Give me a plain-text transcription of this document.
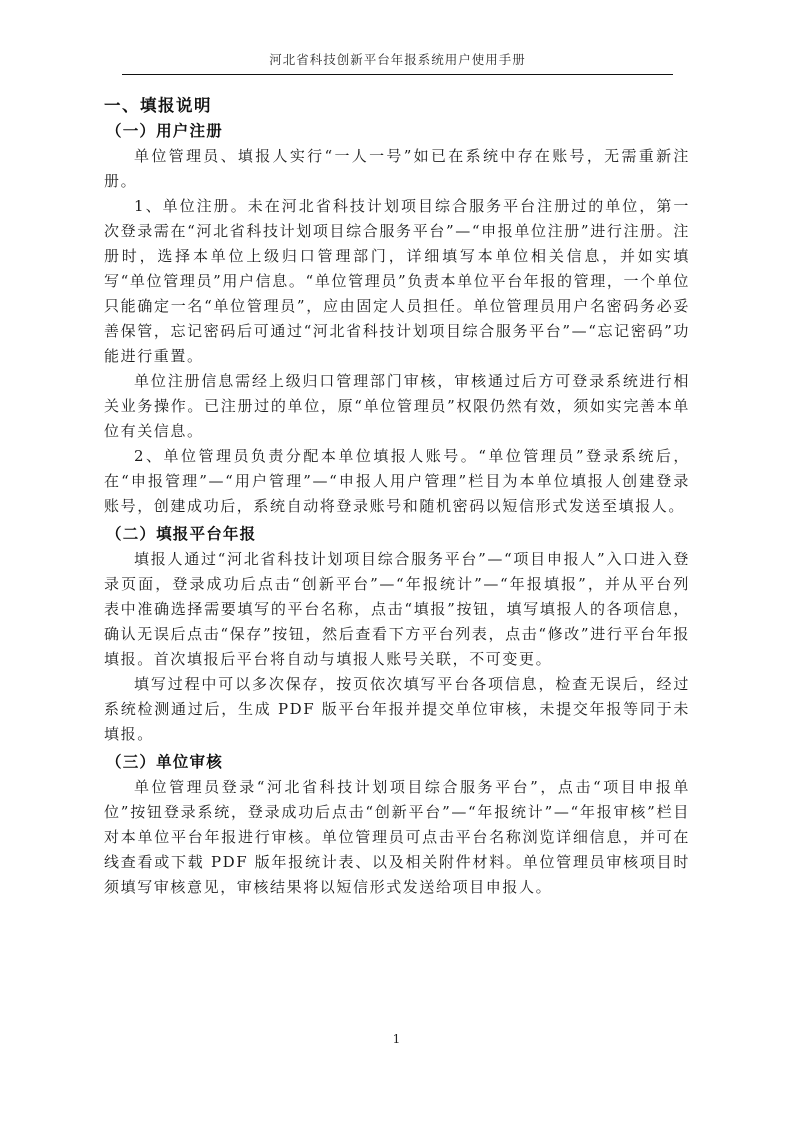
河北省科技创新平台年报系统用户使用手册
一、填报说明
（一）用户注册

单位管理员、填报人实行“一人一号”如已在系统中存在账号，无需重新注册。

1、单位注册。未在河北省科技计划项目综合服务平台注册过的单位，第一次登录需在“河北省科技计划项目综合服务平台”—“申报单位注册”进行注册。注册时，选择本单位上级归口管理部门，详细填写本单位相关信息，并如实填写“单位管理员”用户信息。“单位管理员”负责本单位平台年报的管理，一个单位只能确定一名“单位管理员”，应由固定人员担任。单位管理员用户名密码务必妥善保管，忘记密码后可通过“河北省科技计划项目综合服务平台”—“忘记密码”功能进行重置。

单位注册信息需经上级归口管理部门审核，审核通过后方可登录系统进行相关业务操作。已注册过的单位，原“单位管理员”权限仍然有效，须如实完善本单位有关信息。

2、单位管理员负责分配本单位填报人账号。“单位管理员”登录系统后，在“申报管理”—“用户管理”—“申报人用户管理”栏目为本单位填报人创建登录账号，创建成功后，系统自动将登录账号和随机密码以短信形式发送至填报人。

（二）填报平台年报

填报人通过“河北省科技计划项目综合服务平台”—“项目申报人”入口进入登录页面，登录成功后点击“创新平台”—“年报统计”—“年报填报”，并从平台列表中准确选择需要填写的平台名称，点击“填报”按钮，填写填报人的各项信息，确认无误后点击“保存”按钮，然后查看下方平台列表，点击“修改”进行平台年报填报。首次填报后平台将自动与填报人账号关联，不可变更。

填写过程中可以多次保存，按页依次填写平台各项信息，检查无误后，经过系统检测通过后，生成 PDF 版平台年报并提交单位审核，未提交年报等同于未填报。

（三）单位审核

单位管理员登录“河北省科技计划项目综合服务平台”，点击“项目申报单位”按钮登录系统，登录成功后点击“创新平台”—“年报统计”—“年报审核”栏目对本单位平台年报进行审核。单位管理员可点击平台名称浏览详细信息，并可在线查看或下载 PDF 版年报统计表、以及相关附件材料。单位管理员审核项目时须填写审核意见，审核结果将以短信形式发送给项目申报人。

1
